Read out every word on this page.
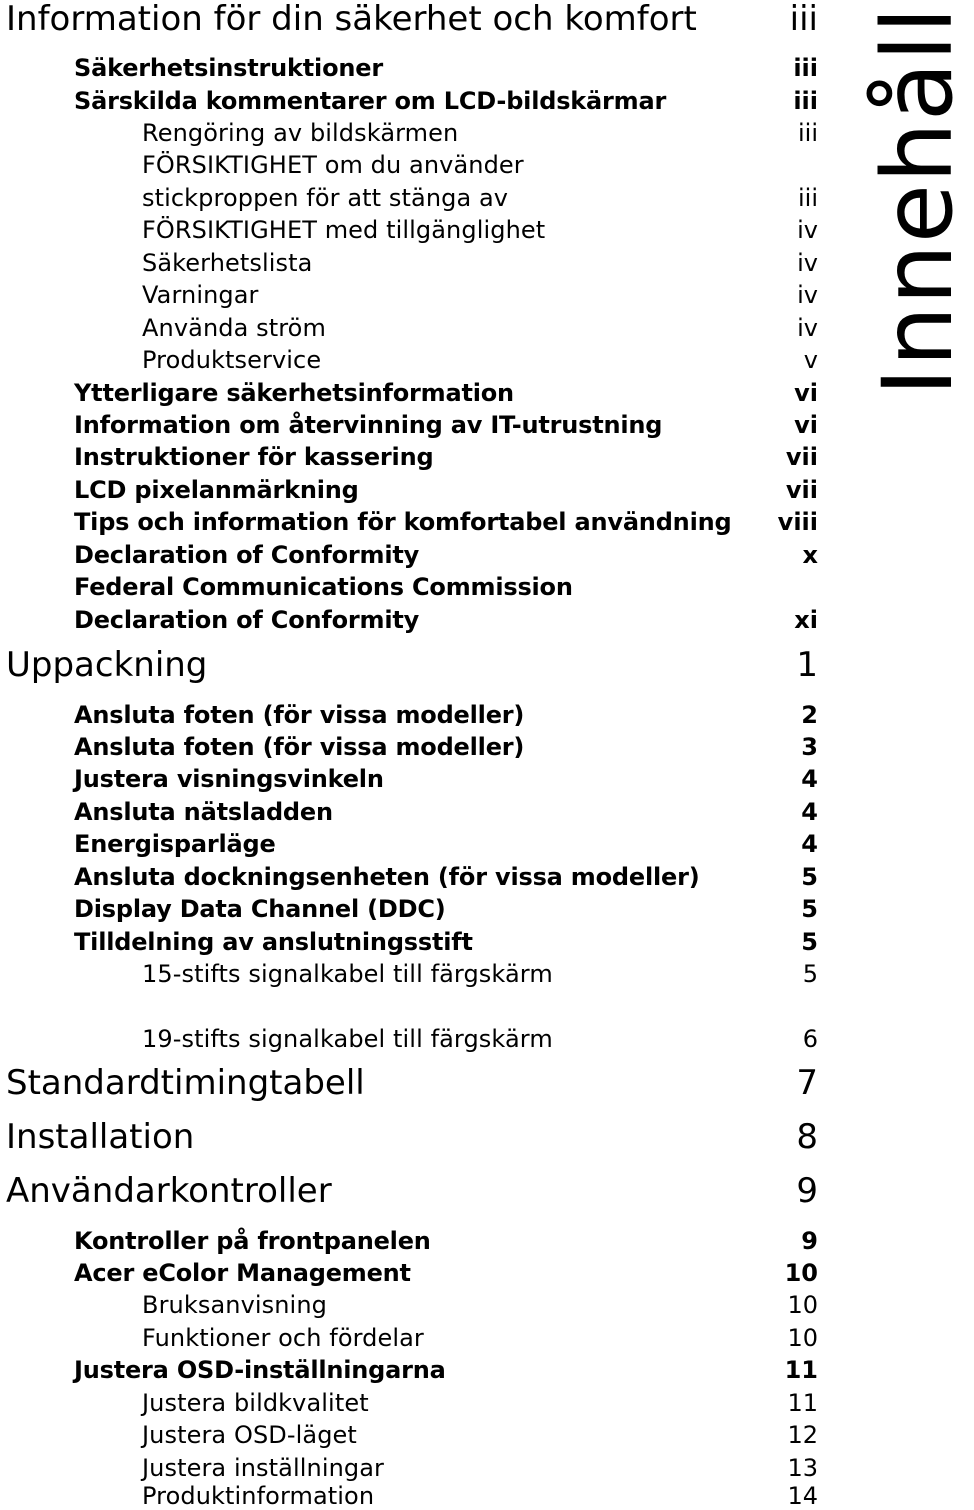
Innehåll
Information för din säkerhet och komfort	iii
Säkerhetsinstruktioner	iii
Särskilda kommentarer om LCD-bildskärmar	iii
Rengöring av bildskärmen	iii
FÖRSIKTIGHET om du använder
stickproppen för att stänga av	iii
FÖRSIKTIGHET med tillgänglighet	iv
Säkerhetslista	iv
Varningar	iv
Använda ström	iv
Produktservice	v
Ytterligare säkerhetsinformation	vi
Information om återvinning av IT-utrustning	vi
Instruktioner för kassering	vii
LCD pixelanmärkning	vii
Tips och information för komfortabel användning viii
Declaration of Conformity	x
Federal Communications Commission
Declaration of Conformity	xi
Uppackning	1
Ansluta foten (för vissa modeller)	2
Ansluta foten (för vissa modeller)	3
Justera visningsvinkeln	4
Ansluta nätsladden	4
Energisparläge	4
Ansluta dockningsenheten (för vissa modeller)	5
Display Data Channel (DDC)	5
Tilldelning av anslutningsstift	5
15-stifts signalkabel till färgskärm	5
19-stifts signalkabel till färgskärm	6
Standardtimingtabell	7
Installation	8
Användarkontroller	9
Kontroller på frontpanelen	9
Acer eColor Management	10
Bruksanvisning	10
Funktioner och fördelar	10
Justera OSD-inställningarna	11
Justera bildkvalitet	11
Justera OSD-läget	12
Justera inställningar	13
Produktinformation	14
